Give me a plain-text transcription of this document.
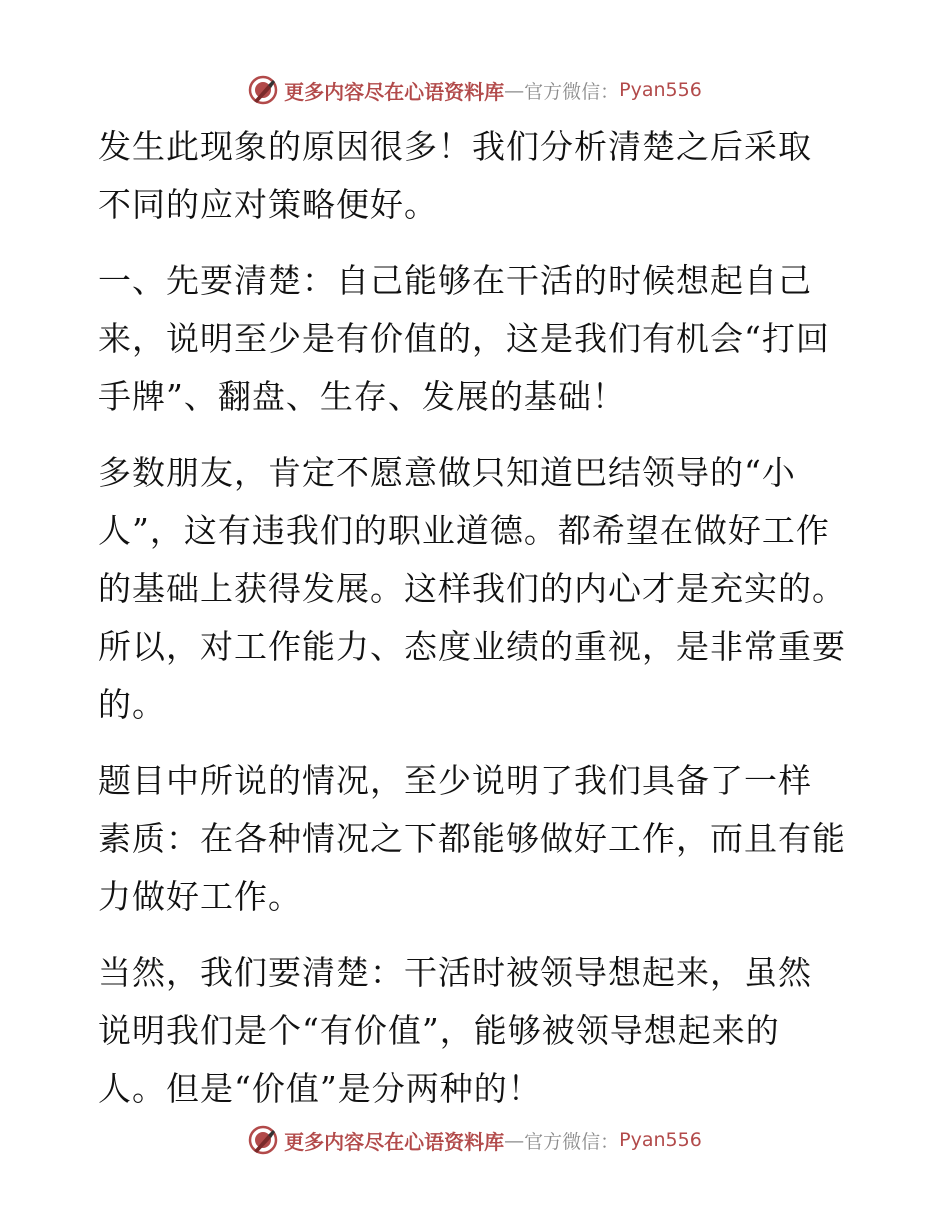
更多内容尽在心语资料库 — 官方微信： Pyan556

发生此现象的原因很多！我们分析清楚之后采取
不同的应对策略便好。

一、先要清楚：自己能够在干活的时候想起自己
来，说明至少是有价值的，这是我们有机会“打回
手牌”、翻盘、生存、发展的基础！

多数朋友，肯定不愿意做只知道巴结领导的“小
人”，这有违我们的职业道德。都希望在做好工作
的基础上获得发展。这样我们的内心才是充实的。
所以，对工作能力、态度业绩的重视，是非常重要
的。

题目中所说的情况，至少说明了我们具备了一样
素质：在各种情况之下都能够做好工作，而且有能
力做好工作。

当然，我们要清楚：干活时被领导想起来，虽然
说明我们是个“有价值”，能够被领导想起来的
人。但是“价值”是分两种的！

更多内容尽在心语资料库 — 官方微信： Pyan556
